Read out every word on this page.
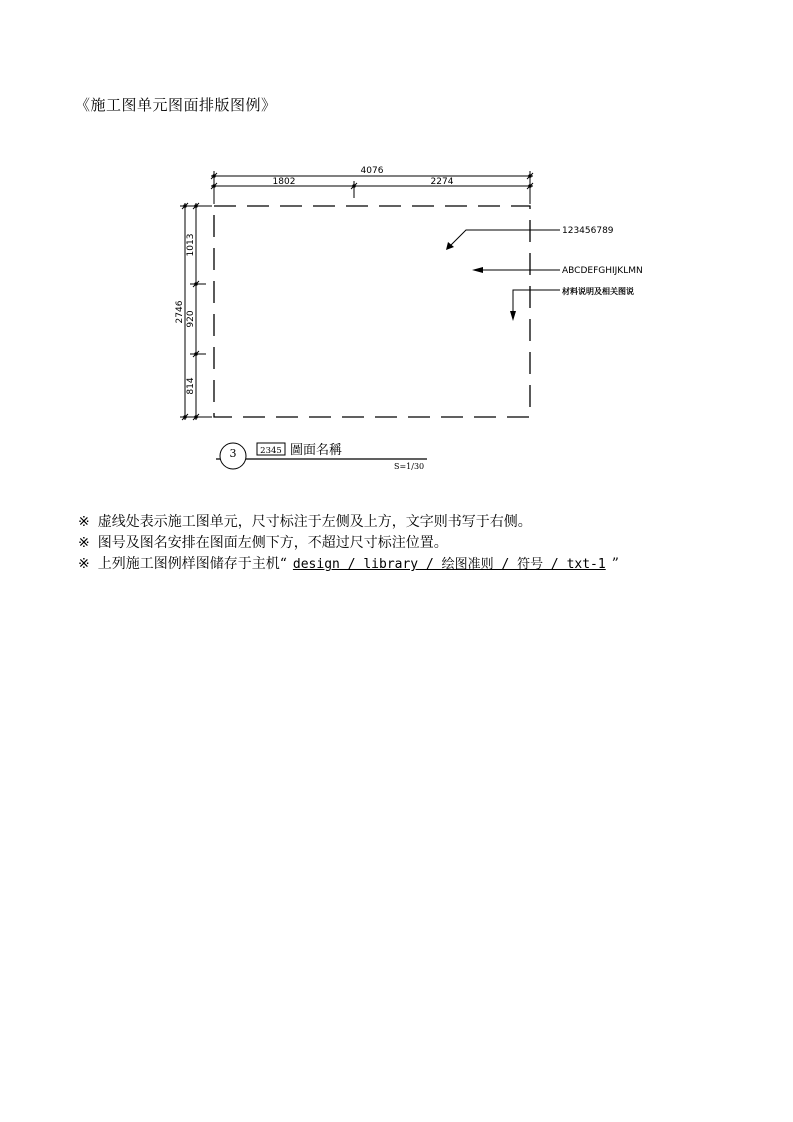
《施工图单元图面排版图例》
4076
1802	2274
2746
1013
920
814
123456789
ABCDEFGHIJKLMN
材料说明及相关图说
3	2345 圖面名稱
S=1/30
※ 虚线处表示施工图单元，尺寸标注于左侧及上方，文字则书写于右侧。
※ 图号及图名安排在图面左侧下方，不超过尺寸标注位置。
※ 上列施工图例样图储存于主机“ design / library / 绘图准则 / 符号 / txt-1 ”
